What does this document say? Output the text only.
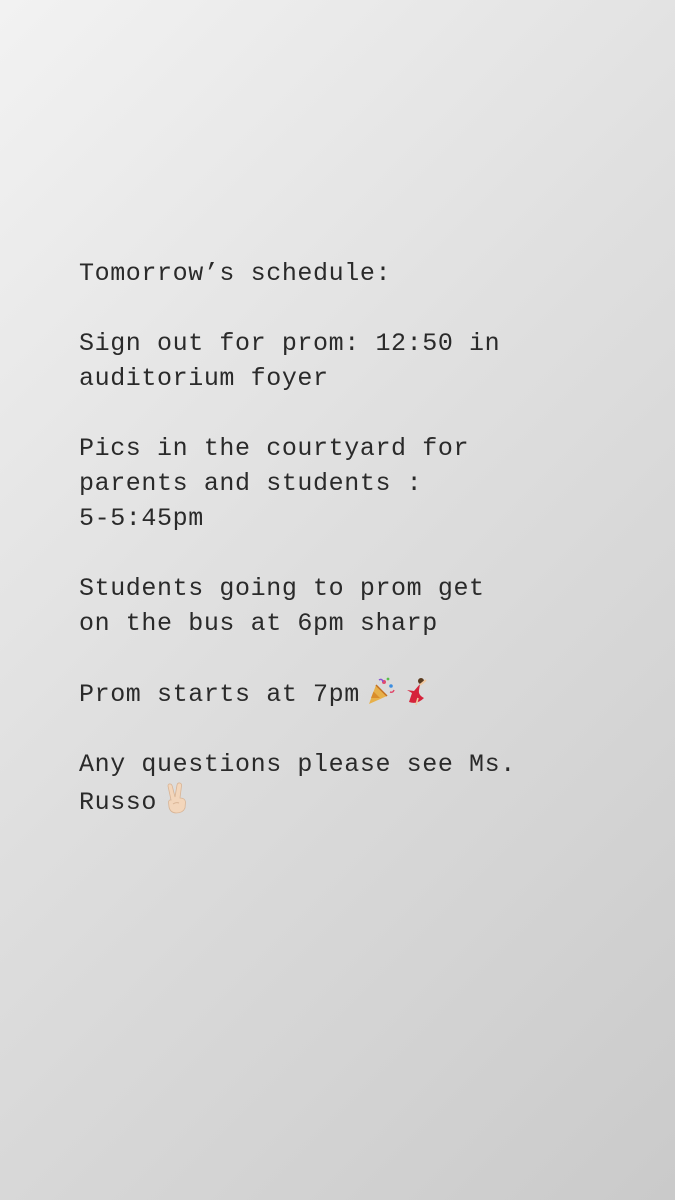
Tomorrow’s schedule:
Sign out for prom: 12:50 in
auditorium foyer
Pics in the courtyard for
parents and students :
5-5:45pm
Students going to prom get
on the bus at 6pm sharp
Prom starts at 7pm
Any questions please see Ms.
Russo
